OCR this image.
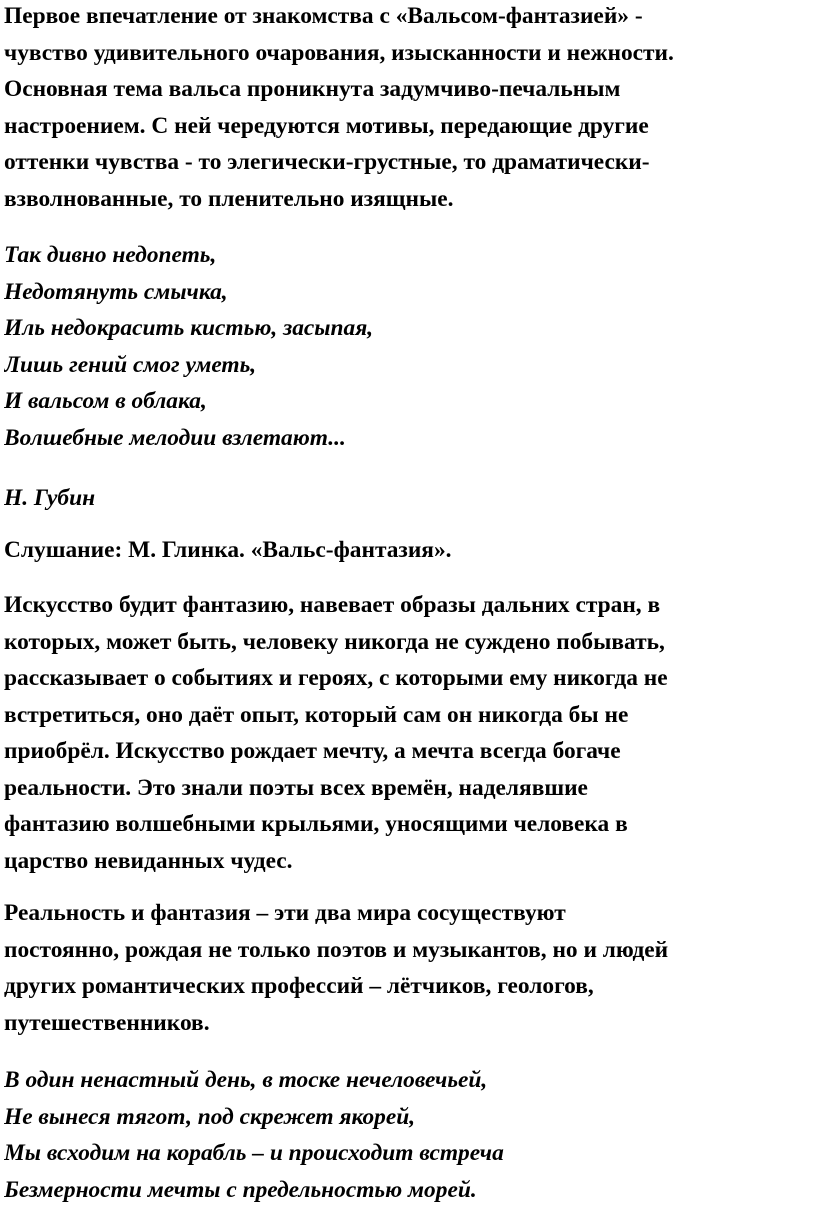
Первое впечатление от знакомства с «Вальсом-фантазией» -
чувство удивительного очарования, изысканности и нежности.
Основная тема вальса проникнута задумчиво-печальным
настроением. С ней чередуются мотивы, передающие другие
оттенки чувства - то элегически-грустные, то драматически-
взволнованные, то пленительно изящные.

Так дивно недопеть,
Недотянуть смычка,
Иль недокрасить кистью, засыпая,
Лишь гений смог уметь,
И вальсом в облака,
Волшебные мелодии взлетают...

Н. Губин

Слушание: М. Глинка. «Вальс-фантазия».

Искусство будит фантазию, навевает образы дальних стран, в
которых, может быть, человеку никогда не суждено побывать,
рассказывает о событиях и героях, с которыми ему никогда не
встретиться, оно даёт опыт, который сам он никогда бы не
приобрёл. Искусство рождает мечту, а мечта всегда богаче
реальности. Это знали поэты всех времён, наделявшие
фантазию волшебными крыльями, уносящими человека в
царство невиданных чудес.

Реальность и фантазия – эти два мира сосуществуют
постоянно, рождая не только поэтов и музыкантов, но и людей
других романтических профессий – лётчиков, геологов,
путешественников.

В один ненастный день, в тоске нечеловечьей,
Не вынеся тягот, под скрежет якорей,
Мы всходим на корабль – и происходит встреча
Безмерности мечты с предельностью морей.
